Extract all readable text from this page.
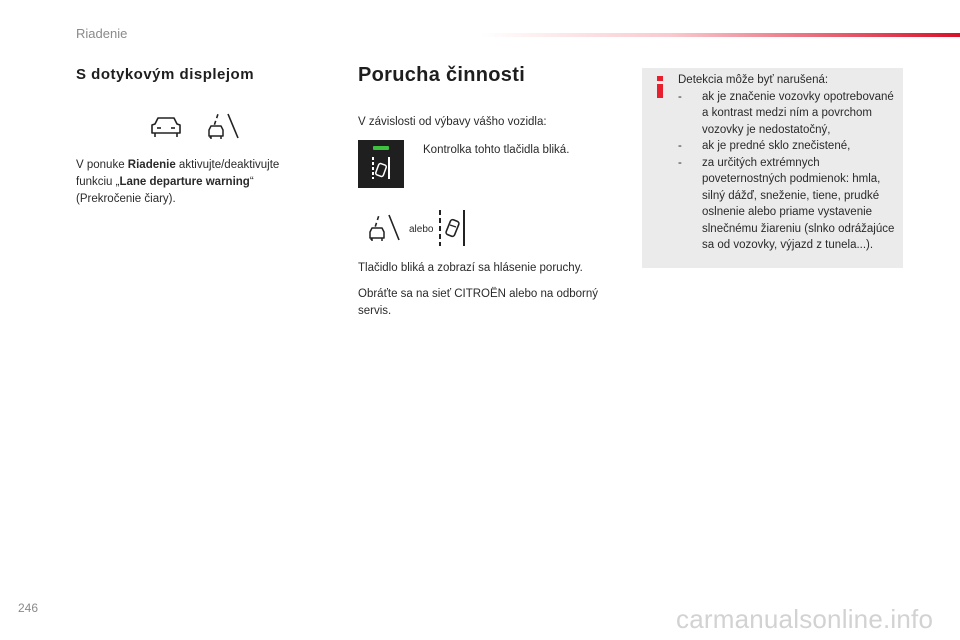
Riadenie
S dotykovým displejom
V ponuke Riadenie aktivujte/deaktivujte funkciu „Lane departure warning“ (Prekročenie čiary).
Porucha činnosti
V závislosti od výbavy vášho vozidla:
Kontrolka tohto tlačidla bliká.
alebo
Tlačidlo bliká a zobrazí sa hlásenie poruchy.
Obráťte sa na sieť CITROËN alebo na odborný servis.

Detekcia môže byť narušená:

- ak je značenie vozovky opotrebované a kontrast medzi ním a povrchom vozovky je nedostatočný,
- ak je predné sklo znečistené,
- za určitých extrémnych poveternostných podmienok: hmla, silný dážď, sneženie, tiene, prudké oslnenie alebo priame vystavenie slnečnému žiareniu (slnko odrážajúce sa od vozovky, výjazd z tunela...).
246	carmanualsonline.info
